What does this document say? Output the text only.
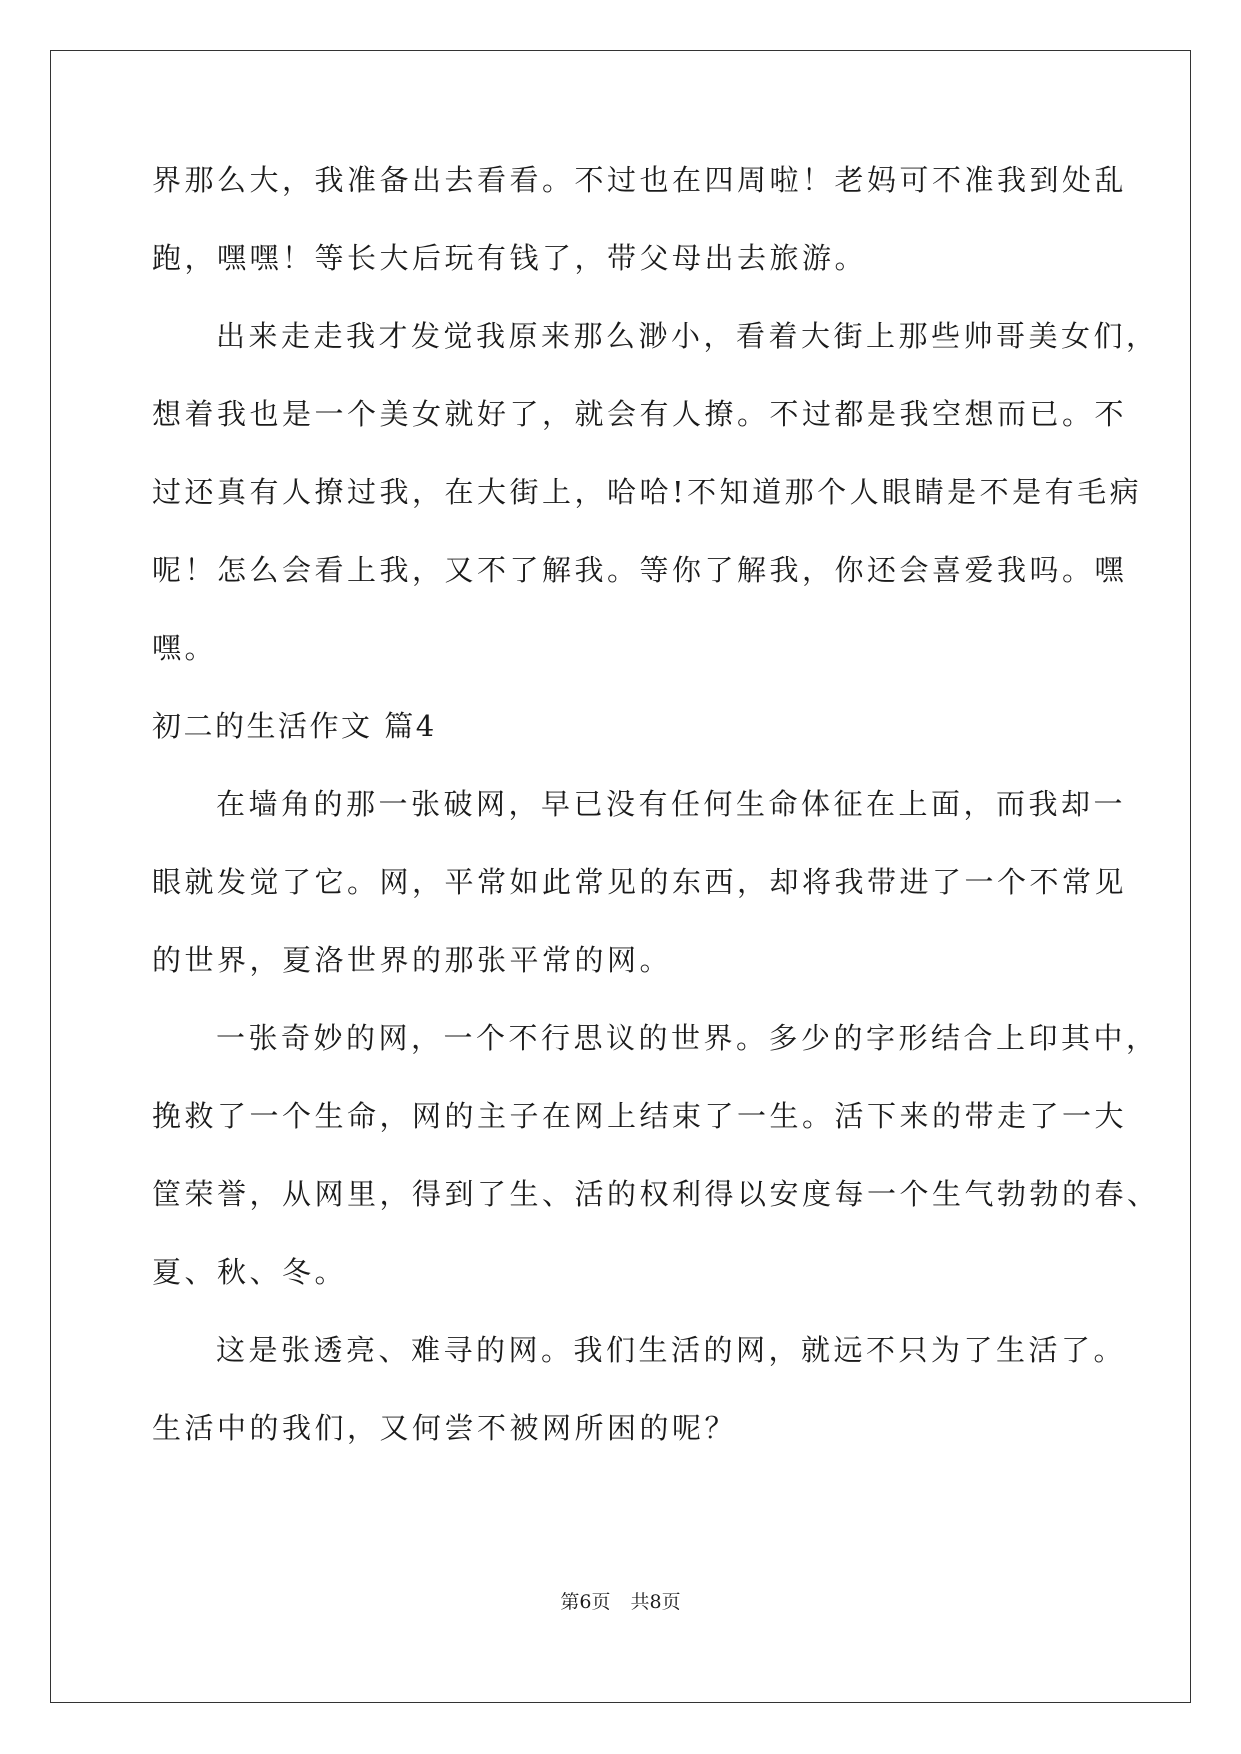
界那么大，我准备出去看看。不过也在四周啦！老妈可不准我到处乱
跑，嘿嘿！等长大后玩有钱了，带父母出去旅游。
出来走走我才发觉我原来那么渺小，看着大街上那些帅哥美女们，
想着我也是一个美女就好了，就会有人撩。不过都是我空想而已。不
过还真有人撩过我，在大街上，哈哈!不知道那个人眼睛是不是有毛病
呢！怎么会看上我，又不了解我。等你了解我，你还会喜爱我吗。嘿
嘿。
初二的生活作文 篇4
在墙角的那一张破网，早已没有任何生命体征在上面，而我却一
眼就发觉了它。网，平常如此常见的东西，却将我带进了一个不常见
的世界，夏洛世界的那张平常的网。
一张奇妙的网，一个不行思议的世界。多少的字形结合上印其中，
挽救了一个生命，网的主子在网上结束了一生。活下来的带走了一大
筐荣誉，从网里，得到了生、活的权利得以安度每一个生气勃勃的春、
夏、秋、冬。
这是张透亮、难寻的网。我们生活的网，就远不只为了生活了。
生活中的我们，又何尝不被网所困的呢？
第6页 共8页
